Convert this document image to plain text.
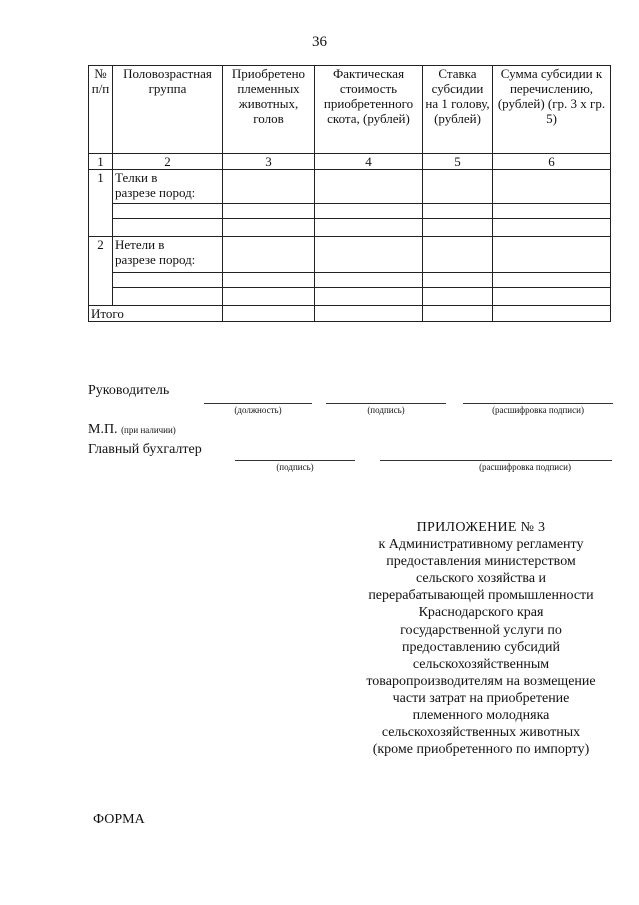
36
№ п/п	Половозрастная группа	Приобретено племенных животных, голов	Фактическая стоимость приобретенного скота, (рублей)	Ставка субсидии на 1 голову, (рублей)	Сумма субсидии к перечислению, (рублей) (гр. 3 х гр. 5)
1	2	3	4	5	6
1	Телки в
разрезе пород:				

2	Нетели в
разрезе пород:				

Итого					
Руководитель
(должность)	(подпись)	(расшифровка подписи)
М.П. (при наличии)
Главный бухгалтер
(подпись)	(расшифровка подписи)
ПРИЛОЖЕНИЕ № 3
к Административному регламенту
предоставления министерством
сельского хозяйства и
перерабатывающей промышленности
Краснодарского края
государственной услуги по
предоставлению субсидий
сельскохозяйственным
товаропроизводителям на возмещение
части затрат на приобретение
племенного молодняка
сельскохозяйственных животных
(кроме приобретенного по импорту)
ФОРМА
